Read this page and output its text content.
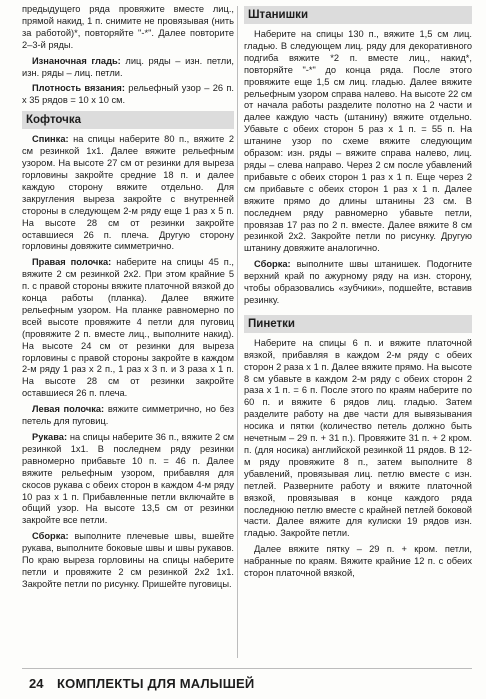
предыдущего ряда провяжите вместе лиц., прямой накид, 1 п. снимите не провязывая (нить за работой)*, повторяйте "-*". Далее повторите 2–3-й ряды.

Изнаночная гладь: лиц. ряды – изн. петли, изн. ряды – лиц. петли.

Плотность вязания: рельефный узор – 26 п. х 35 рядов = 10 х 10 см.

Кофточка

Спинка: на спицы наберите 80 п., вяжите 2 см резинкой 1х1. Далее вяжите рельефным узором. На высоте 27 см от резинки для выреза горловины закройте средние 18 п. и далее каждую сторону вяжите отдельно. Для закругления выреза закройте с внутренней стороны в следующем 2-м ряду еще 1 раз х 5 п. На высоте 28 см от резинки закройте оставшиеся 26 п. плеча. Другую сторону горловины довяжите симметрично.

Правая полочка: наберите на спицы 45 п., вяжите 2 см резинкой 2х2. При этом крайние 5 п. с правой стороны вяжите платочной вязкой до конца работы (планка). Далее вяжите рельефным узором. На планке равномерно по всей высоте провяжите 4 петли для пуговиц (провяжите 2 п. вместе лиц., выполните накид). На высоте 24 см от резинки для выреза горловины с правой стороны закройте в каждом 2-м ряду 1 раз х 2 п., 1 раз х 3 п. и 3 раза х 1 п. На высоте 28 см от резинки закройте оставшиеся 26 п. плеча.

Левая полочка: вяжите симметрично, но без петель для пуговиц.

Рукава: на спицы наберите 36 п., вяжите 2 см резинкой 1х1. В последнем ряду резинки равномерно прибавьте 10 п. = 46 п. Далее вяжите рельефным узором, прибавляя для скосов рукава с обеих сторон в каждом 4-м ряду 10 раз х 1 п. Прибавленные петли включайте в общий узор. На высоте 13,5 см от резинки закройте все петли.

Сборка: выполните плечевые швы, вшейте рукава, выполните боковые швы и швы рукавов. По краю выреза горловины на спицы наберите петли и провяжите 2 см резинкой 2х2 1х1. Закройте петли по рисунку. Пришейте пуговицы.

Штанишки

Наберите на спицы 130 п., вяжите 1,5 см лиц. гладью. В следующем лиц. ряду для декоративного подгиба вяжите *2 п. вместе лиц., накид*, повторяйте "-*" до конца ряда. После этого провяжите еще 1,5 см лиц. гладью. Далее вяжите рельефным узором справа налево. На высоте 22 см от начала работы разделите полотно на 2 части и далее каждую часть (штанину) вяжите отдельно. Убавьте с обеих сторон 5 раз х 1 п. = 55 п. На штанине узор по схеме вяжите следующим образом: изн. ряды – вяжите справа налево, лиц. ряды – слева направо. Через 2 см после убавлений прибавьте с обеих сторон 1 раз х 1 п. Еще через 2 см прибавьте с обеих сторон 1 раз х 1 п. Далее вяжите прямо до длины штанины 23 см. В последнем ряду равномерно убавьте петли, провязав 17 раз по 2 п. вместе. Далее вяжите 8 см резинкой 2х2. Закройте петли по рисунку. Другую штанину довяжите аналогично.

Сборка: выполните швы штанишек. Подогните верхний край по ажурному ряду на изн. сторону, чтобы образовались «зубчики», подшейте, вставив резинку.

Пинетки

Наберите на спицы 6 п. и вяжите платочной вязкой, прибавляя в каждом 2-м ряду с обеих сторон 2 раза х 1 п. Далее вяжите прямо. На высоте 8 см убавьте в каждом 2-м ряду с обеих сторон 2 раза х 1 п. = 6 п. После этого по краям наберите по 60 п. и вяжите 6 рядов лиц. гладью. Затем разделите работу на две части для вывязывания носика и пятки (количество петель должно быть нечетным – 29 п. + 31 п.). Провяжите 31 п. + 2 кром. п. (для носика) английской резинкой 11 рядов. В 12-м ряду провяжите 8 п., затем выполните 8 убавлений, провязывая лиц. петлю вместе с изн. петлей. Разверните работу и вяжите платочной вязкой, провязывая в конце каждого ряда последнюю петлю вместе с крайней петлей боковой части. Далее вяжите для кулиски 19 рядов изн. гладью. Закройте петли.

Далее вяжите пятку – 29 п. + кром. петли, набранные по краям. Вяжите крайние 12 п. с обеих сторон платочной вязкой,

24 КОМПЛЕКТЫ ДЛЯ МАЛЫШЕЙ
